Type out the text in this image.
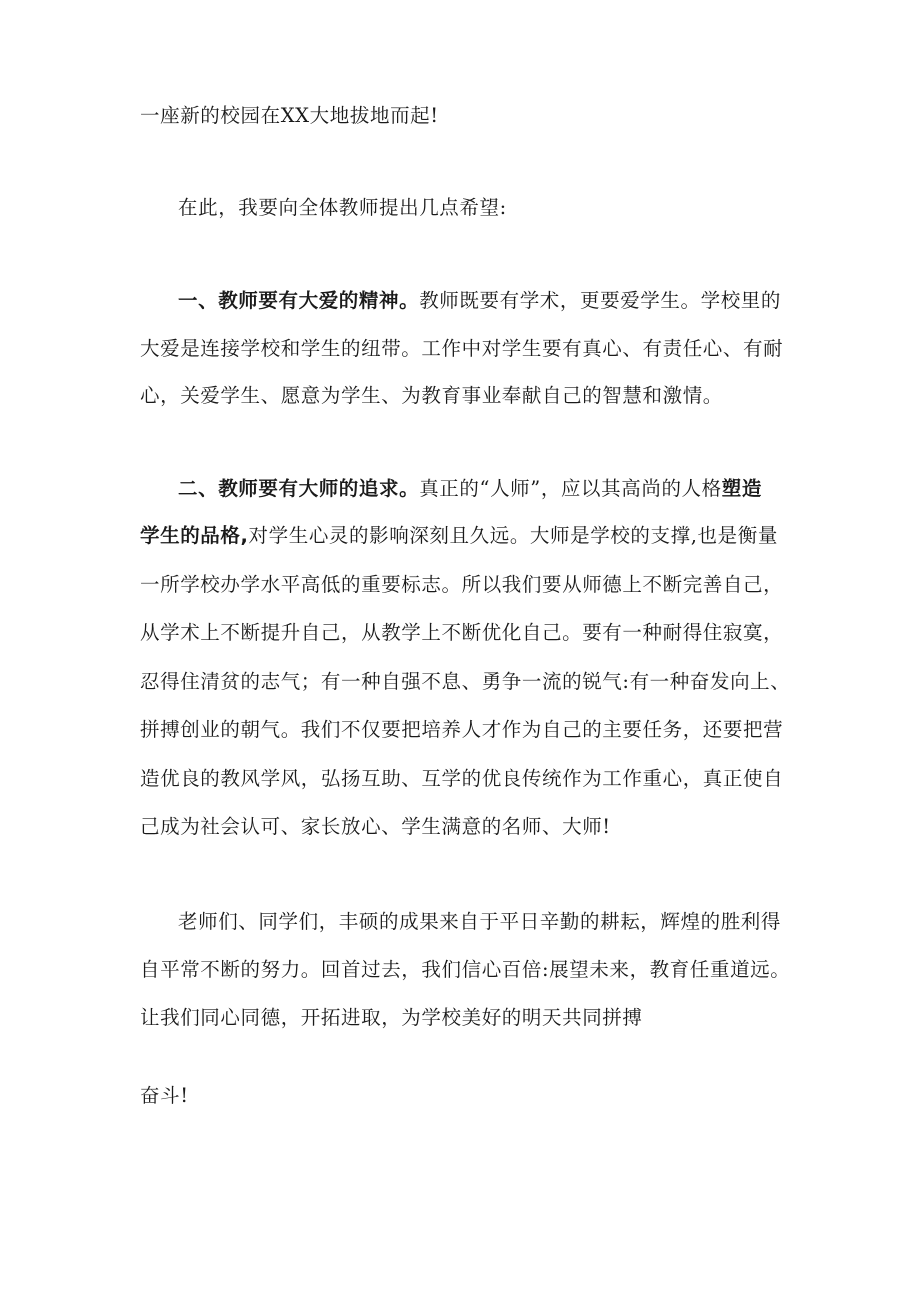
一座新的校园在XX大地拔地而起!
在此，我要向全体教师提出几点希望:
一、教师要有大爱的精神。教师既要有学术，更要爱学生。学校里的
大爱是连接学校和学生的纽带。工作中对学生要有真心、有责任心、有耐
心，关爱学生、愿意为学生、为教育事业奉献自己的智慧和激情。
二、教师要有大师的追求。真正的“人师”，应以其高尚的人格塑造
学生的品格,对学生心灵的影响深刻且久远。大师是学校的支撑,也是衡量
一所学校办学水平高低的重要标志。所以我们要从师德上不断完善自己，
从学术上不断提升自己，从教学上不断优化自己。要有一种耐得住寂寞，
忍得住清贫的志气；有一种自强不息、勇争一流的锐气:有一种奋发向上、
拼搏创业的朝气。我们不仅要把培养人才作为自己的主要任务，还要把营
造优良的教风学风，弘扬互助、互学的优良传统作为工作重心，真正使自
己成为社会认可、家长放心、学生满意的名师、大师!
老师们、同学们，丰硕的成果来自于平日辛勤的耕耘，辉煌的胜利得
自平常不断的努力。回首过去，我们信心百倍:展望未来，教育任重道远。
让我们同心同德，开拓进取，为学校美好的明天共同拼搏
奋斗!
